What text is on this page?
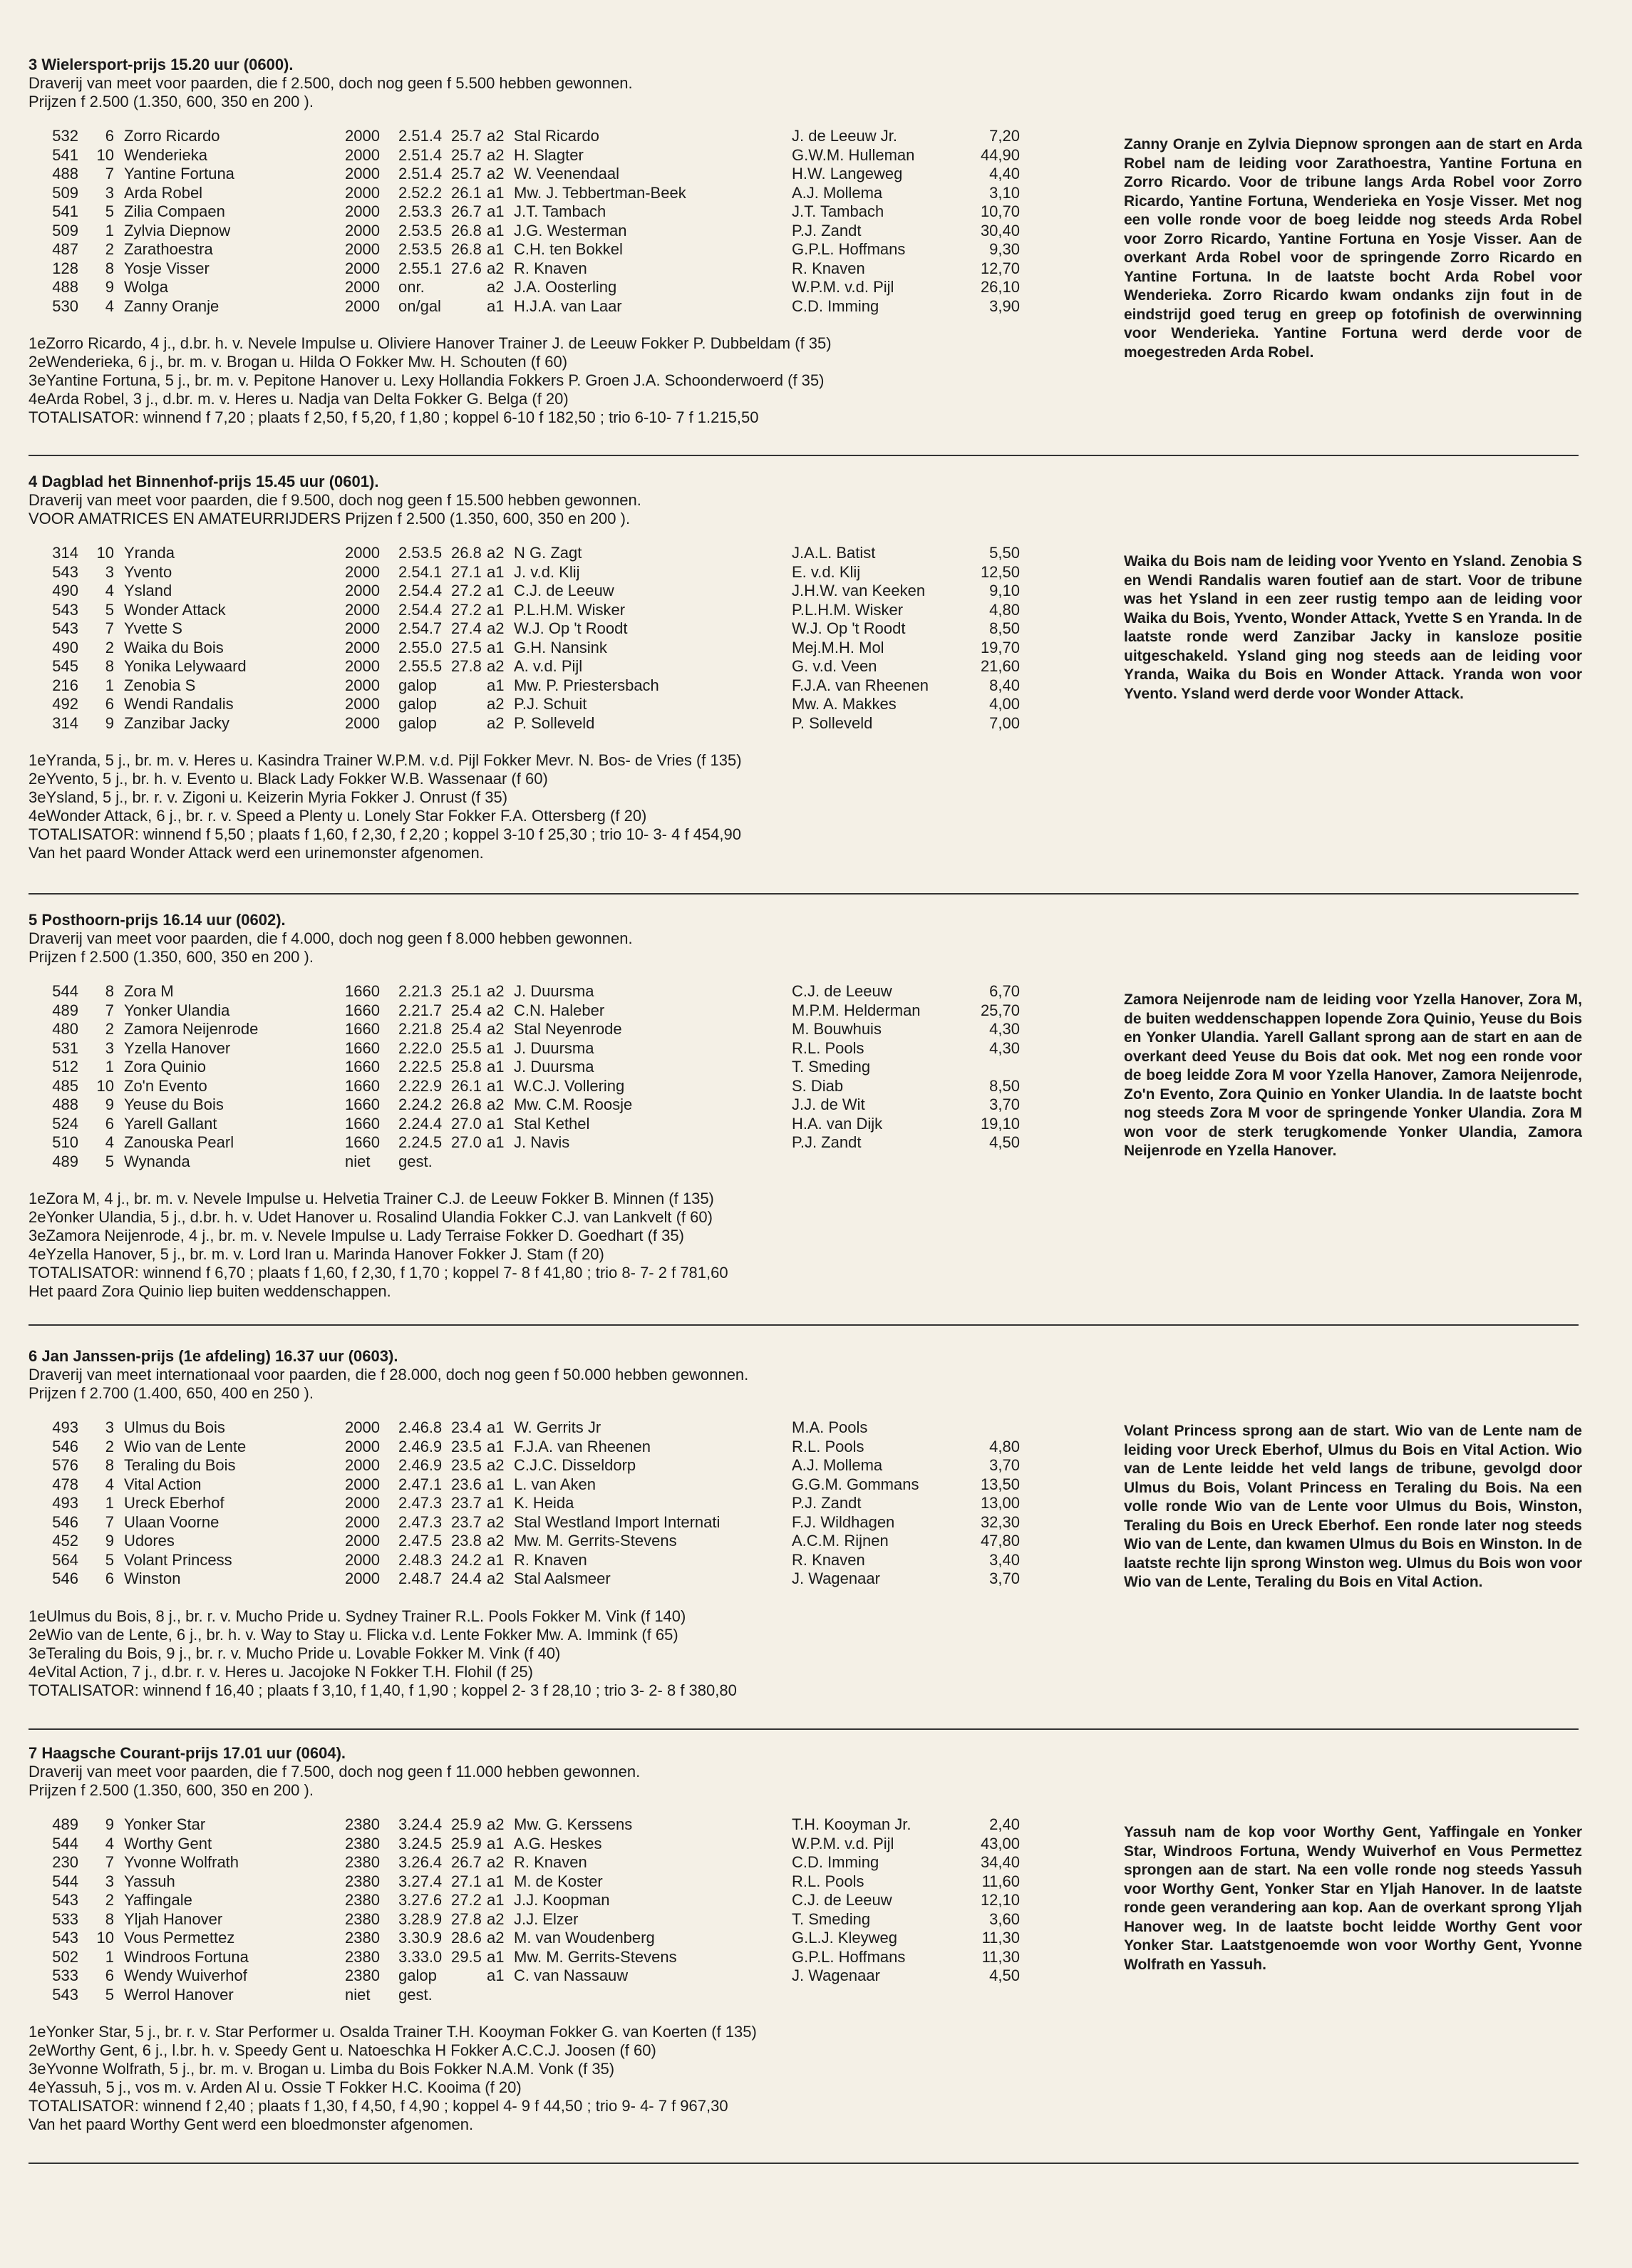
3 Wielersport-prijs 15.20 uur (0600).
Draverij van meet voor paarden, die f 2.500, doch nog geen f 5.500 hebben gewonnen.
Prijzen f 2.500 (1.350, 600, 350 en 200 ).
532	6	Zorro Ricardo	2000	2.51.4	25.7	a2	Stal Ricardo	J. de Leeuw Jr.	7,20
541	10	Wenderieka	2000	2.51.4	25.7	a2	H. Slagter	G.W.M. Hulleman	44,90
488	7	Yantine Fortuna	2000	2.51.4	25.7	a2	W. Veenendaal	H.W. Langeweg	4,40
509	3	Arda Robel	2000	2.52.2	26.1	a1	Mw. J. Tebbertman-Beek	A.J. Mollema	3,10
541	5	Zilia Compaen	2000	2.53.3	26.7	a1	J.T. Tambach	J.T. Tambach	10,70
509	1	Zylvia Diepnow	2000	2.53.5	26.8	a1	J.G. Westerman	P.J. Zandt	30,40
487	2	Zarathoestra	2000	2.53.5	26.8	a1	C.H. ten Bokkel	G.P.L. Hoffmans	9,30
128	8	Yosje Visser	2000	2.55.1	27.6	a2	R. Knaven	R. Knaven	12,70
488	9	Wolga	2000	onr.		a2	J.A. Oosterling	W.P.M. v.d. Pijl	26,10
530	4	Zanny Oranje	2000	on/gal		a1	H.J.A. van Laar	C.D. Imming	3,90
1eZorro Ricardo, 4 j., d.br. h. v. Nevele Impulse u. Oliviere Hanover Trainer J. de Leeuw Fokker P. Dubbeldam (f 35)
2eWenderieka, 6 j., br. m. v. Brogan u. Hilda O Fokker Mw. H. Schouten (f 60)
3eYantine Fortuna, 5 j., br. m. v. Pepitone Hanover u. Lexy Hollandia Fokkers P. Groen J.A. Schoonderwoerd (f 35)
4eArda Robel, 3 j., d.br. m. v. Heres u. Nadja van Delta Fokker G. Belga (f 20)
TOTALISATOR: winnend f 7,20 ; plaats f 2,50, f 5,20, f 1,80 ; koppel 6-10 f 182,50 ; trio 6-10- 7 f 1.215,50
Zanny Oranje en Zylvia Diepnow sprongen aan de start en Arda Robel nam de leiding voor Zarathoestra, Yantine Fortuna en Zorro Ricardo. Voor de tribune langs Arda Robel voor Zorro Ricardo, Yantine Fortuna, Wenderieka en Yosje Visser. Met nog een volle ronde voor de boeg leidde nog steeds Arda Robel voor Zorro Ricardo, Yantine Fortuna en Yosje Visser. Aan de overkant Arda Robel voor de springende Zorro Ricardo en Yantine Fortuna. In de laatste bocht Arda Robel voor Wenderieka. Zorro Ricardo kwam ondanks zijn fout in de eindstrijd goed terug en greep op fotofinish de overwinning voor Wenderieka. Yantine Fortuna werd derde voor de moegestreden Arda Robel.
4 Dagblad het Binnenhof-prijs 15.45 uur (0601).
Draverij van meet voor paarden, die f 9.500, doch nog geen f 15.500 hebben gewonnen.
VOOR AMATRICES EN AMATEURRIJDERS Prijzen f 2.500 (1.350, 600, 350 en 200 ).
314	10	Yranda	2000	2.53.5	26.8	a2	N G. Zagt	J.A.L. Batist	5,50
543	3	Yvento	2000	2.54.1	27.1	a1	J. v.d. Klij	E. v.d. Klij	12,50
490	4	Ysland	2000	2.54.4	27.2	a1	C.J. de Leeuw	J.H.W. van Keeken	9,10
543	5	Wonder Attack	2000	2.54.4	27.2	a1	P.L.H.M. Wisker	P.L.H.M. Wisker	4,80
543	7	Yvette S	2000	2.54.7	27.4	a2	W.J. Op 't Roodt	W.J. Op 't Roodt	8,50
490	2	Waika du Bois	2000	2.55.0	27.5	a1	G.H. Nansink	Mej.M.H. Mol	19,70
545	8	Yonika Lelywaard	2000	2.55.5	27.8	a2	A. v.d. Pijl	G. v.d. Veen	21,60
216	1	Zenobia S	2000	galop		a1	Mw. P. Priestersbach	F.J.A. van Rheenen	8,40
492	6	Wendi Randalis	2000	galop		a2	P.J. Schuit	Mw. A. Makkes	4,00
314	9	Zanzibar Jacky	2000	galop		a2	P. Solleveld	P. Solleveld	7,00
1eYranda, 5 j., br. m. v. Heres u. Kasindra Trainer W.P.M. v.d. Pijl Fokker Mevr. N. Bos- de Vries (f 135)
2eYvento, 5 j., br. h. v. Evento u. Black Lady Fokker W.B. Wassenaar (f 60)
3eYsland, 5 j., br. r. v. Zigoni u. Keizerin Myria Fokker J. Onrust (f 35)
4eWonder Attack, 6 j., br. r. v. Speed a Plenty u. Lonely Star Fokker F.A. Ottersberg (f 20)
TOTALISATOR: winnend f 5,50 ; plaats f 1,60, f 2,30, f 2,20 ; koppel 3-10 f 25,30 ; trio 10- 3- 4 f 454,90
Van het paard Wonder Attack werd een urinemonster afgenomen.
Waika du Bois nam de leiding voor Yvento en Ysland. Zenobia S en Wendi Randalis waren foutief aan de start. Voor de tribune was het Ysland in een zeer rustig tempo aan de leiding voor Waika du Bois, Yvento, Wonder Attack, Yvette S en Yranda. In de laatste ronde werd Zanzibar Jacky in kansloze positie uitgeschakeld. Ysland ging nog steeds aan de leiding voor Yranda, Waika du Bois en Wonder Attack. Yranda won voor Yvento. Ysland werd derde voor Wonder Attack.
5 Posthoorn-prijs 16.14 uur (0602).
Draverij van meet voor paarden, die f 4.000, doch nog geen f 8.000 hebben gewonnen.
Prijzen f 2.500 (1.350, 600, 350 en 200 ).
544	8	Zora M	1660	2.21.3	25.1	a2	J. Duursma	C.J. de Leeuw	6,70
489	7	Yonker Ulandia	1660	2.21.7	25.4	a2	C.N. Haleber	M.P.M. Helderman	25,70
480	2	Zamora Neijenrode	1660	2.21.8	25.4	a2	Stal Neyenrode	M. Bouwhuis	4,30
531	3	Yzella Hanover	1660	2.22.0	25.5	a1	J. Duursma	R.L. Pools	4,30
512	1	Zora Quinio	1660	2.22.5	25.8	a1	J. Duursma	T. Smeding	
485	10	Zo'n Evento	1660	2.22.9	26.1	a1	W.C.J. Vollering	S. Diab	8,50
488	9	Yeuse du Bois	1660	2.24.2	26.8	a2	Mw. C.M. Roosje	J.J. de Wit	3,70
524	6	Yarell Gallant	1660	2.24.4	27.0	a1	Stal Kethel	H.A. van Dijk	19,10
510	4	Zanouska Pearl	1660	2.24.5	27.0	a1	J. Navis	P.J. Zandt	4,50
489	5	Wynanda	niet	gest.					
1eZora M, 4 j., br. m. v. Nevele Impulse u. Helvetia Trainer C.J. de Leeuw Fokker B. Minnen (f 135)
2eYonker Ulandia, 5 j., d.br. h. v. Udet Hanover u. Rosalind Ulandia Fokker C.J. van Lankvelt (f 60)
3eZamora Neijenrode, 4 j., br. m. v. Nevele Impulse u. Lady Terraise Fokker D. Goedhart (f 35)
4eYzella Hanover, 5 j., br. m. v. Lord Iran u. Marinda Hanover Fokker J. Stam (f 20)
TOTALISATOR: winnend f 6,70 ; plaats f 1,60, f 2,30, f 1,70 ; koppel 7- 8 f 41,80 ; trio 8- 7- 2 f 781,60
Het paard Zora Quinio liep buiten weddenschappen.
Zamora Neijenrode nam de leiding voor Yzella Hanover, Zora M, de buiten weddenschappen lopende Zora Quinio, Yeuse du Bois en Yonker Ulandia. Yarell Gallant sprong aan de start en aan de overkant deed Yeuse du Bois dat ook. Met nog een ronde voor de boeg leidde Zora M voor Yzella Hanover, Zamora Neijenrode, Zo'n Evento, Zora Quinio en Yonker Ulandia. In de laatste bocht nog steeds Zora M voor de springende Yonker Ulandia. Zora M won voor de sterk terugkomende Yonker Ulandia, Zamora Neijenrode en Yzella Hanover.
6 Jan Janssen-prijs (1e afdeling) 16.37 uur (0603).
Draverij van meet internationaal voor paarden, die f 28.000, doch nog geen f 50.000 hebben gewonnen.
Prijzen f 2.700 (1.400, 650, 400 en 250 ).
493	3	Ulmus du Bois	2000	2.46.8	23.4	a1	W. Gerrits Jr	M.A. Pools	
546	2	Wio van de Lente	2000	2.46.9	23.5	a1	F.J.A. van Rheenen	R.L. Pools	4,80
576	8	Teraling du Bois	2000	2.46.9	23.5	a2	C.J.C. Disseldorp	A.J. Mollema	3,70
478	4	Vital Action	2000	2.47.1	23.6	a1	L. van Aken	G.G.M. Gommans	13,50
493	1	Ureck Eberhof	2000	2.47.3	23.7	a1	K. Heida	P.J. Zandt	13,00
546	7	Ulaan Voorne	2000	2.47.3	23.7	a2	Stal Westland Import Internati	F.J. Wildhagen	32,30
452	9	Udores	2000	2.47.5	23.8	a2	Mw. M. Gerrits-Stevens	A.C.M. Rijnen	47,80
564	5	Volant Princess	2000	2.48.3	24.2	a1	R. Knaven	R. Knaven	3,40
546	6	Winston	2000	2.48.7	24.4	a2	Stal Aalsmeer	J. Wagenaar	3,70
1eUlmus du Bois, 8 j., br. r. v. Mucho Pride u. Sydney Trainer R.L. Pools Fokker M. Vink (f 140)
2eWio van de Lente, 6 j., br. h. v. Way to Stay u. Flicka v.d. Lente Fokker Mw. A. Immink (f 65)
3eTeraling du Bois, 9 j., br. r. v. Mucho Pride u. Lovable Fokker M. Vink (f 40)
4eVital Action, 7 j., d.br. r. v. Heres u. Jacojoke N Fokker T.H. Flohil (f 25)
TOTALISATOR: winnend f 16,40 ; plaats f 3,10, f 1,40, f 1,90 ; koppel 2- 3 f 28,10 ; trio 3- 2- 8 f 380,80
Volant Princess sprong aan de start. Wio van de Lente nam de leiding voor Ureck Eberhof, Ulmus du Bois en Vital Action. Wio van de Lente leidde het veld langs de tribune, gevolgd door Ulmus du Bois, Volant Princess en Teraling du Bois. Na een volle ronde Wio van de Lente voor Ulmus du Bois, Winston, Teraling du Bois en Ureck Eberhof. Een ronde later nog steeds Wio van de Lente, dan kwamen Ulmus du Bois en Winston. In de laatste rechte lijn sprong Winston weg. Ulmus du Bois won voor Wio van de Lente, Teraling du Bois en Vital Action.
7 Haagsche Courant-prijs 17.01 uur (0604).
Draverij van meet voor paarden, die f 7.500, doch nog geen f 11.000 hebben gewonnen.
Prijzen f 2.500 (1.350, 600, 350 en 200 ).
489	9	Yonker Star	2380	3.24.4	25.9	a2	Mw. G. Kerssens	T.H. Kooyman Jr.	2,40
544	4	Worthy Gent	2380	3.24.5	25.9	a1	A.G. Heskes	W.P.M. v.d. Pijl	43,00
230	7	Yvonne Wolfrath	2380	3.26.4	26.7	a2	R. Knaven	C.D. Imming	34,40
544	3	Yassuh	2380	3.27.4	27.1	a1	M. de Koster	R.L. Pools	11,60
543	2	Yaffingale	2380	3.27.6	27.2	a1	J.J. Koopman	C.J. de Leeuw	12,10
533	8	Yljah Hanover	2380	3.28.9	27.8	a2	J.J. Elzer	T. Smeding	3,60
543	10	Vous Permettez	2380	3.30.9	28.6	a2	M. van Woudenberg	G.L.J. Kleyweg	11,30
502	1	Windroos Fortuna	2380	3.33.0	29.5	a1	Mw. M. Gerrits-Stevens	G.P.L. Hoffmans	11,30
533	6	Wendy Wuiverhof	2380	galop		a1	C. van Nassauw	J. Wagenaar	4,50
543	5	Werrol Hanover	niet	gest.					
1eYonker Star, 5 j., br. r. v. Star Performer u. Osalda Trainer T.H. Kooyman Fokker G. van Koerten (f 135)
2eWorthy Gent, 6 j., l.br. h. v. Speedy Gent u. Natoeschka H Fokker A.C.C.J. Joosen (f 60)
3eYvonne Wolfrath, 5 j., br. m. v. Brogan u. Limba du Bois Fokker N.A.M. Vonk (f 35)
4eYassuh, 5 j., vos m. v. Arden Al u. Ossie T Fokker H.C. Kooima (f 20)
TOTALISATOR: winnend f 2,40 ; plaats f 1,30, f 4,50, f 4,90 ; koppel 4- 9 f 44,50 ; trio 9- 4- 7 f 967,30
Van het paard Worthy Gent werd een bloedmonster afgenomen.
Yassuh nam de kop voor Worthy Gent, Yaffingale en Yonker Star, Windroos Fortuna, Wendy Wuiverhof en Vous Permettez sprongen aan de start. Na een volle ronde nog steeds Yassuh voor Worthy Gent, Yonker Star en Yljah Hanover. In de laatste ronde geen verandering aan kop. Aan de overkant sprong Yljah Hanover weg. In de laatste bocht leidde Worthy Gent voor Yonker Star. Laatstgenoemde won voor Worthy Gent, Yvonne Wolfrath en Yassuh.
